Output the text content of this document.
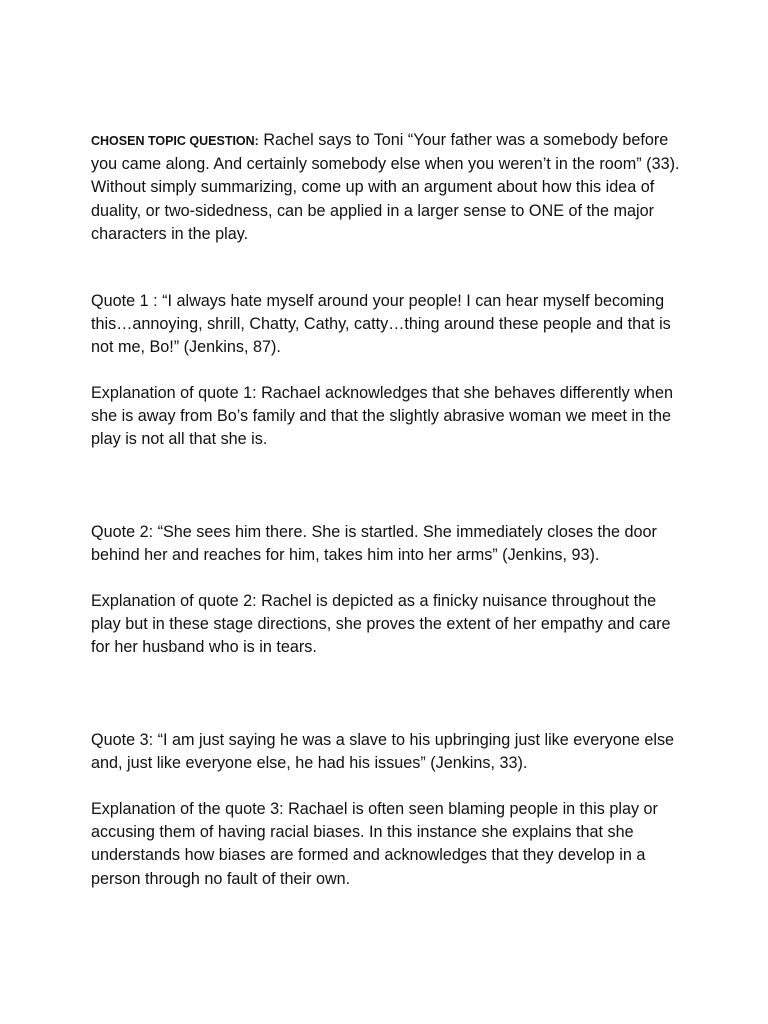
CHOSEN TOPIC QUESTION: Rachel says to Toni “Your father was a somebody before you came along. And certainly somebody else when you weren’t in the room” (33). Without simply summarizing, come up with an argument about how this idea of duality, or two-sidedness, can be applied in a larger sense to ONE of the major characters in the play.

Quote 1 : “I always hate myself around your people! I can hear myself becoming this…annoying, shrill, Chatty, Cathy, catty…thing around these people and that is not me, Bo!” (Jenkins, 87).

Explanation of quote 1: Rachael acknowledges that she behaves differently when she is away from Bo’s family and that the slightly abrasive woman we meet in the play is not all that she is.

Quote 2: “She sees him there. She is startled. She immediately closes the door behind her and reaches for him, takes him into her arms” (Jenkins, 93).

Explanation of quote 2: Rachel is depicted as a finicky nuisance throughout the play but in these stage directions, she proves the extent of her empathy and care for her husband who is in tears.

Quote 3: “I am just saying he was a slave to his upbringing just like everyone else and, just like everyone else, he had his issues” (Jenkins, 33).

Explanation of the quote 3: Rachael is often seen blaming people in this play or accusing them of having racial biases. In this instance she explains that she understands how biases are formed and acknowledges that they develop in a person through no fault of their own.
